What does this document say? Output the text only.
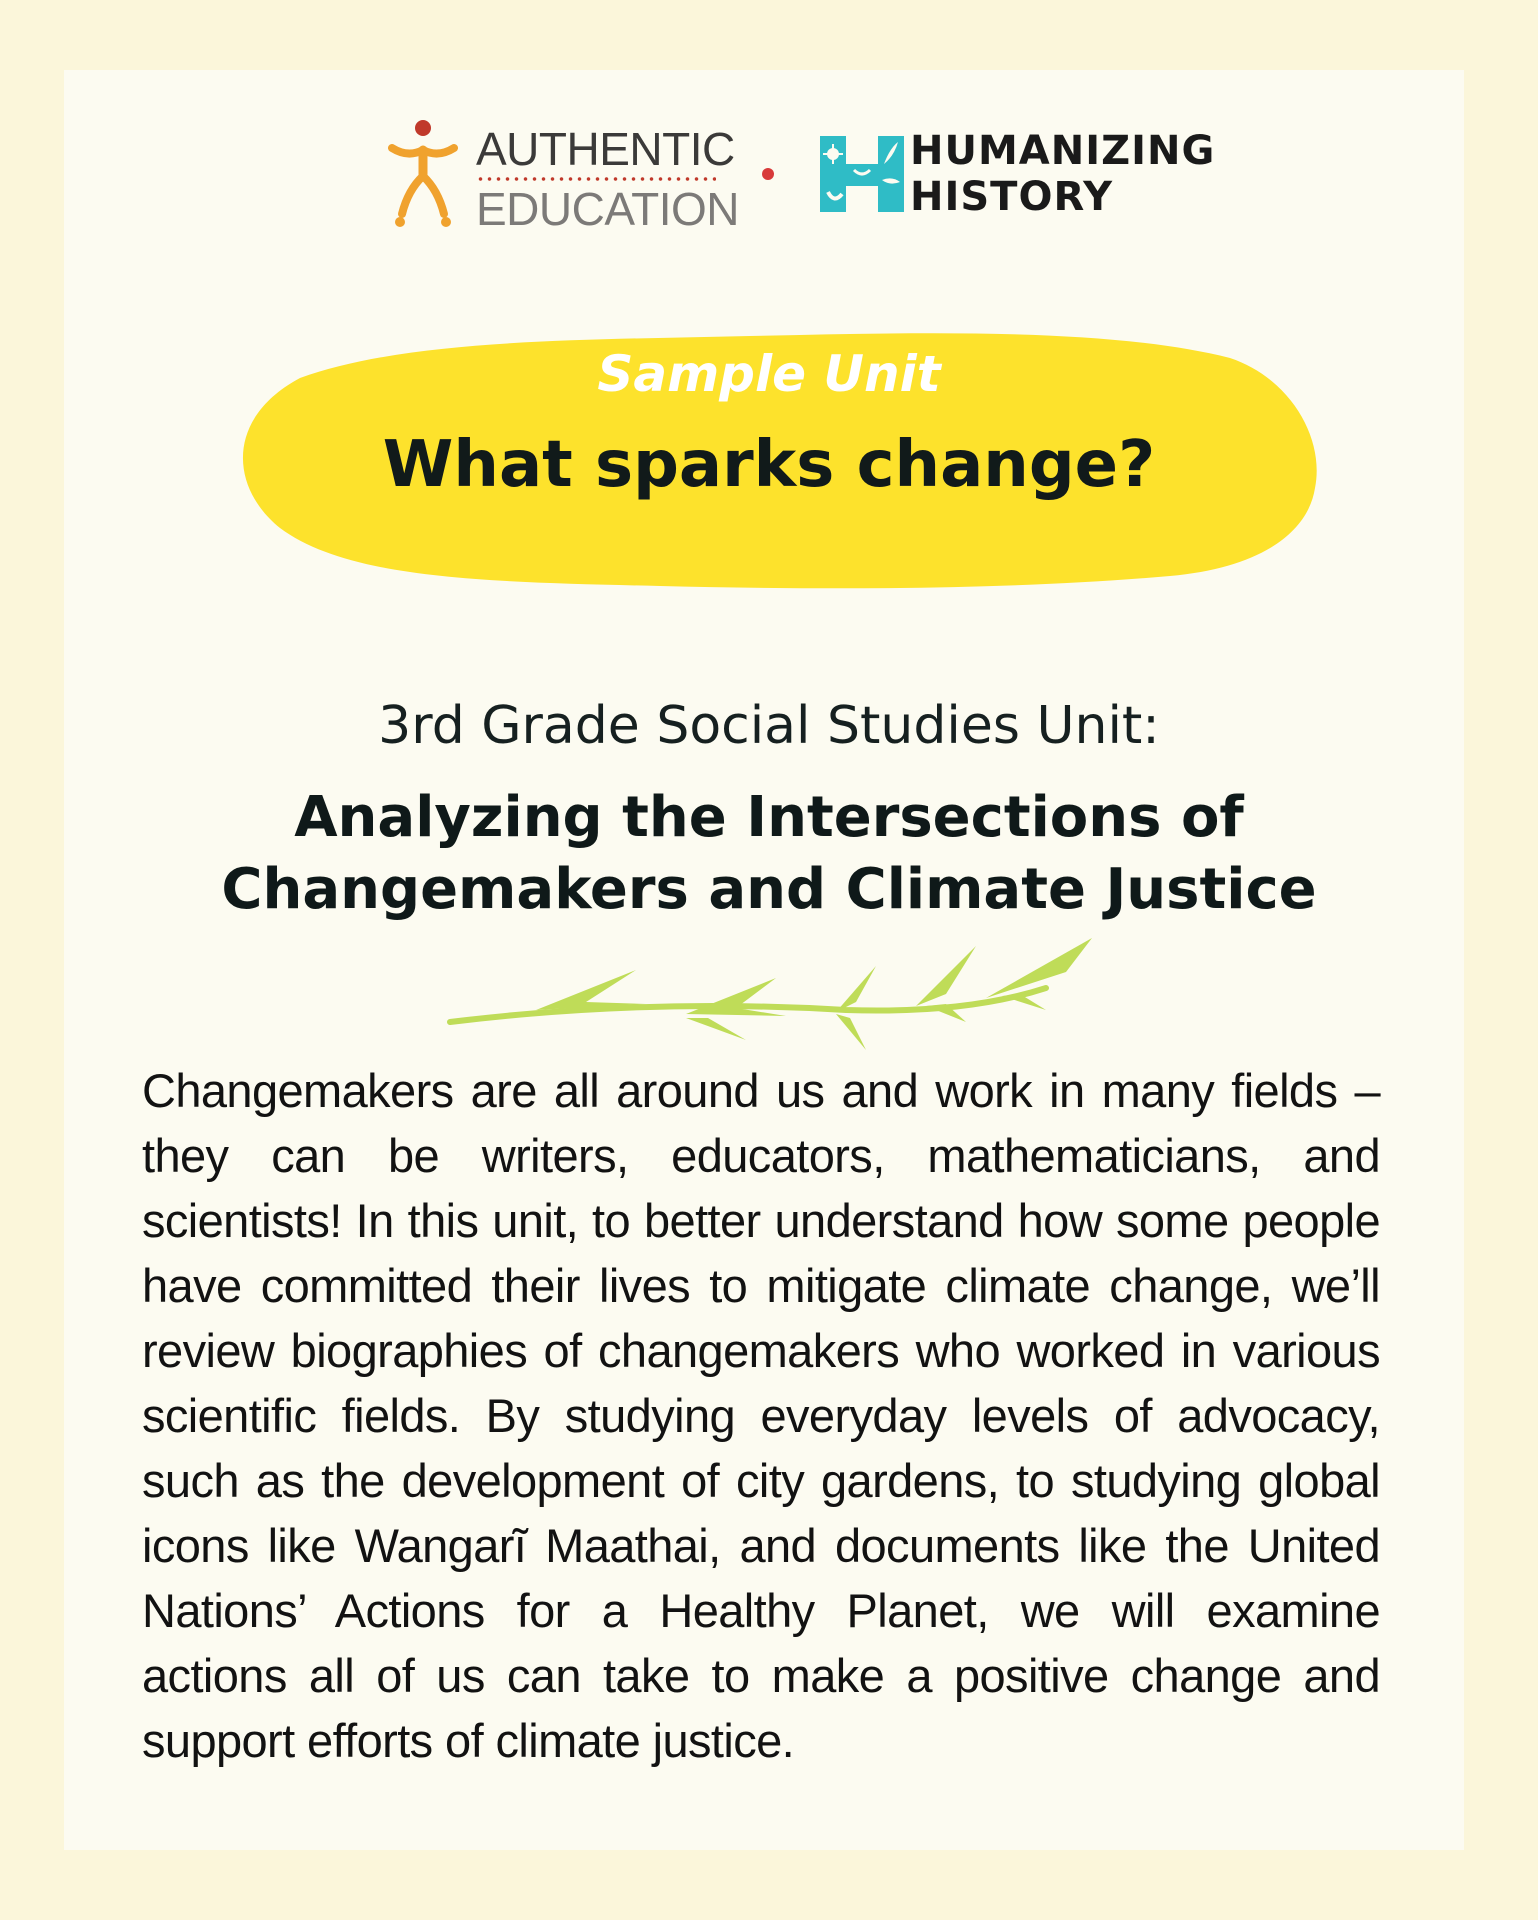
AUTHENTIC
EDUCATION
HUMANIZING
HISTORY
Sample Unit
What sparks change?
3rd Grade Social Studies Unit:
Analyzing the Intersections of
Changemakers and Climate Justice
Changemakers are all around us and work in many fields – they can be writers, educators, mathematicians, and scientists! In this unit, to better understand how some people have committed their lives to mitigate climate change, we’ll review biographies of changemakers who worked in various scientific fields. By studying everyday levels of advocacy, such as the development of city gardens, to studying global icons like Wangarĩ Maathai, and documents like the United Nations’ Actions for a Healthy Planet, we will examine actions all of us can take to make a positive change and support efforts of climate justice.
